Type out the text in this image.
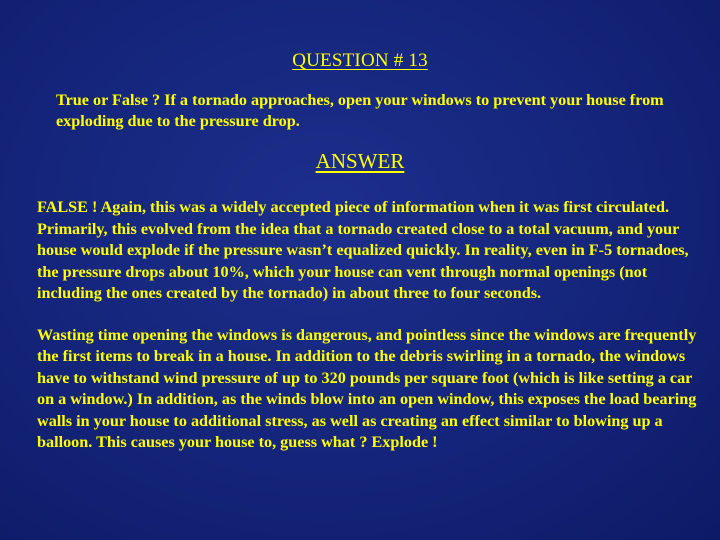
QUESTION # 13
True or False ? If a tornado approaches, open your windows to prevent your house from exploding due to the pressure drop.
ANSWER

FALSE ! Again, this was a widely accepted piece of information when it was first circulated. Primarily, this evolved from the idea that a tornado created close to a total vacuum, and your house would explode if the pressure wasn’t equalized quickly. In reality, even in F-5 tornadoes, the pressure drops about 10%, which your house can vent through normal openings (not including the ones created by the tornado) in about three to four seconds.

Wasting time opening the windows is dangerous, and pointless since the windows are frequently the first items to break in a house. In addition to the debris swirling in a tornado, the windows have to withstand wind pressure of up to 320 pounds per square foot (which is like setting a car on a window.) In addition, as the winds blow into an open window, this exposes the load bearing walls in your house to additional stress, as well as creating an effect similar to blowing up a balloon. This causes your house to, guess what ? Explode !
